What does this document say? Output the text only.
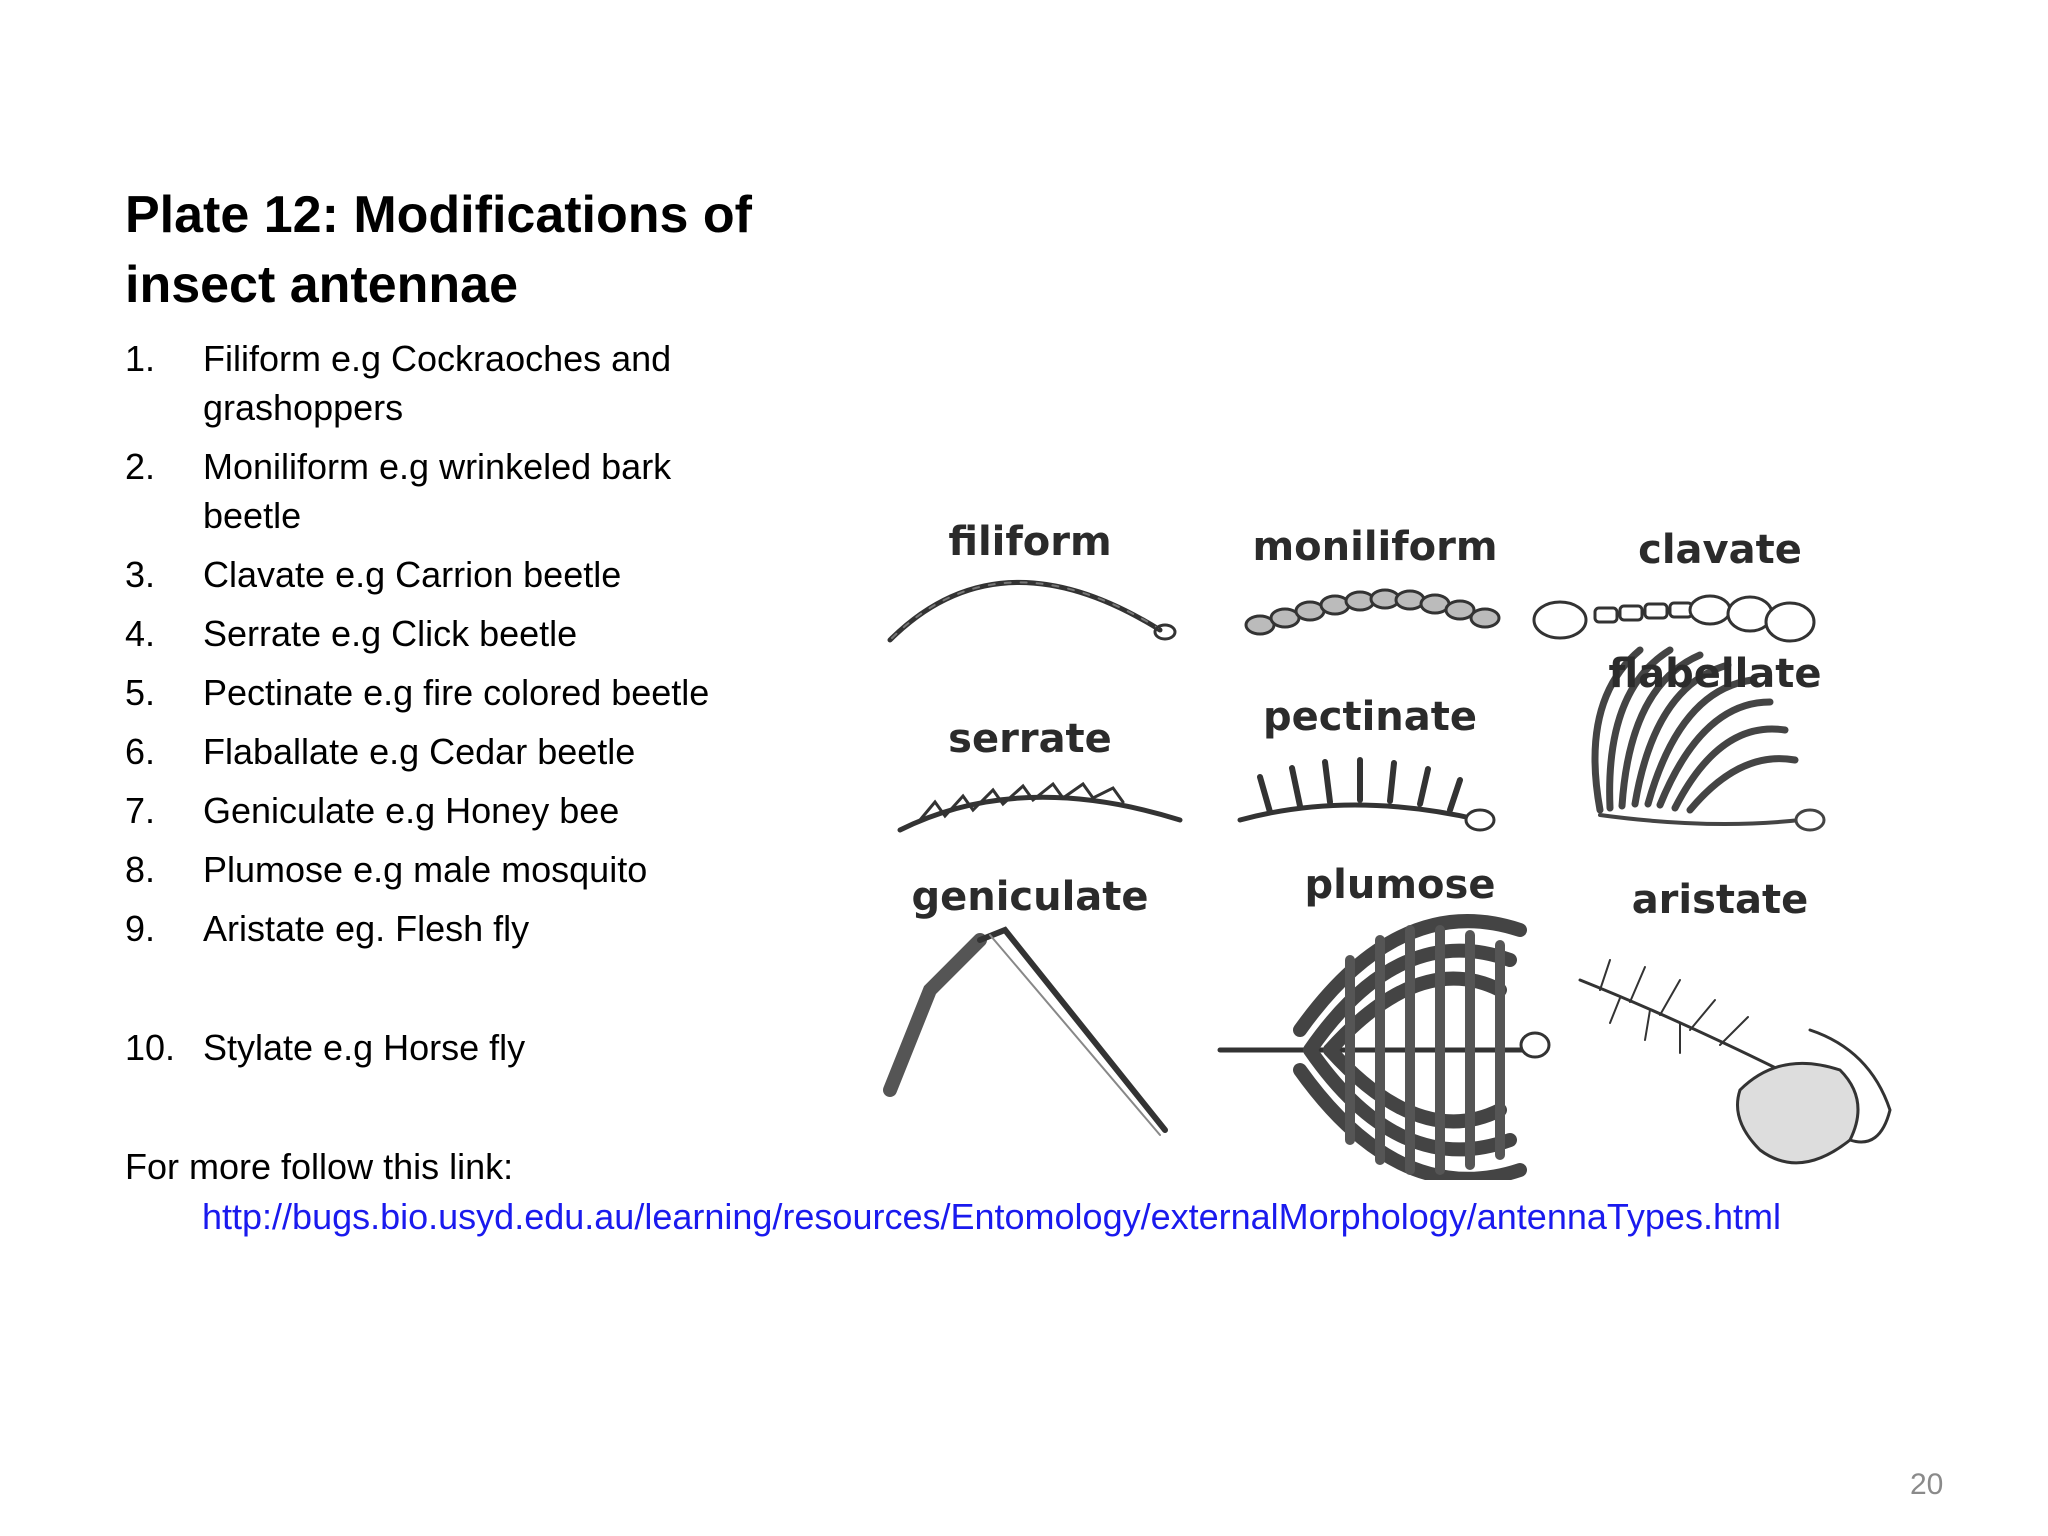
Plate 12: Modifications of insect antennae
1. Filiform e.g Cockraoches and grashoppers
2. Moniliform e.g wrinkeled bark beetle
3. Clavate e.g Carrion beetle
4. Serrate e.g Click beetle
5. Pectinate e.g fire colored beetle
6. Flaballate e.g Cedar beetle
7. Geniculate e.g Honey bee
8. Plumose e.g male mosquito
9. Aristate eg. Flesh fly
10. Stylate e.g Horse fly
filiform	moniliform	clavate
serrate	pectinate
flabellate
geniculate	plumose	aristate
For more follow this link:
http://bugs.bio.usyd.edu.au/learning/resources/Entomology/externalMorphology/antennaTypes.html
20
